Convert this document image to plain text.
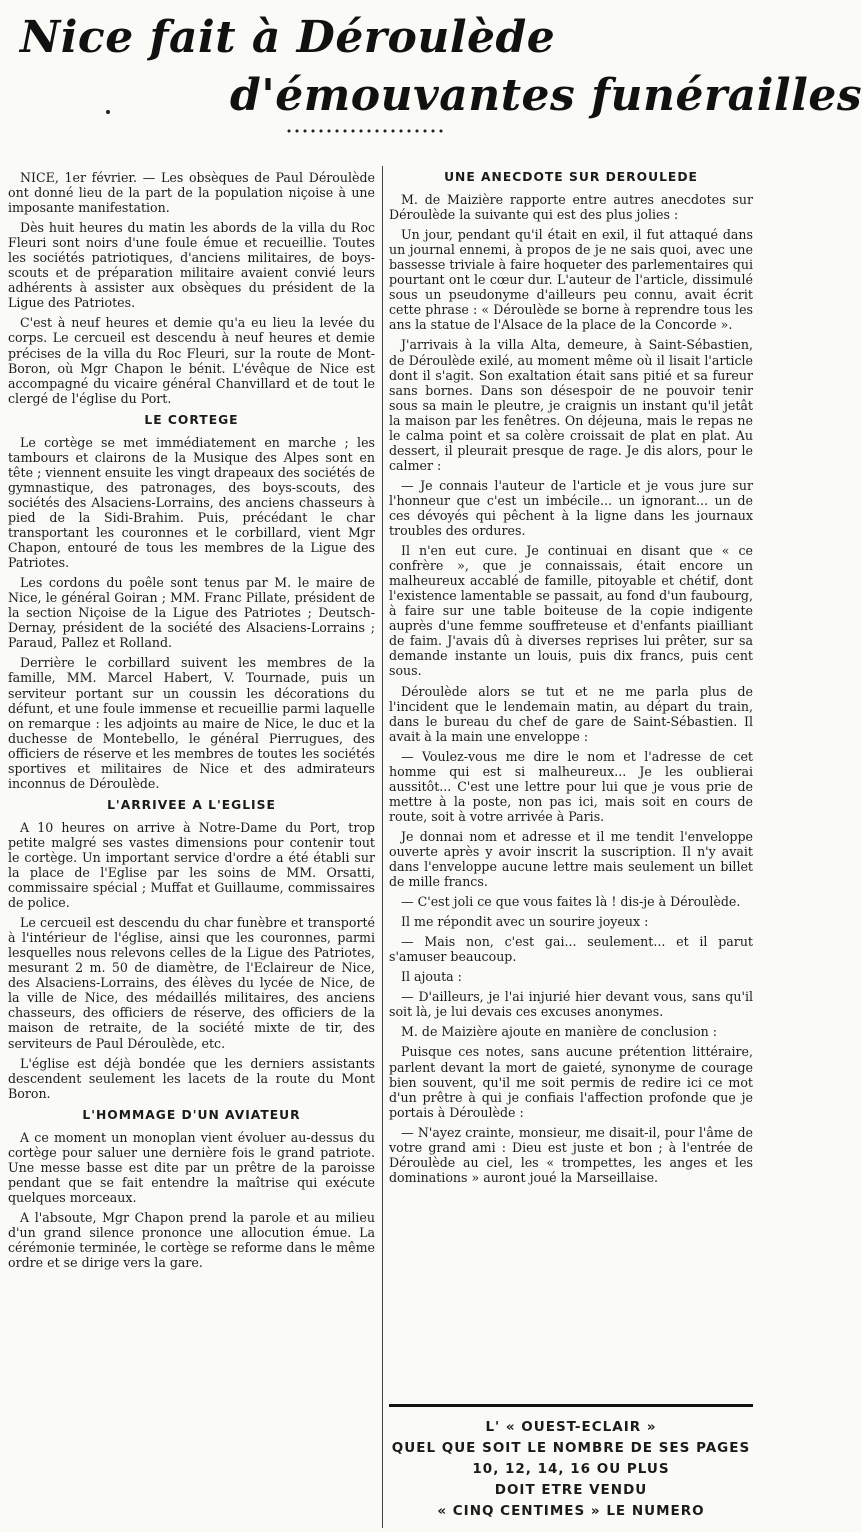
Nice fait à Déroulède
d'émouvantes funérailles

NICE, 1er février. — Les obsèques de Paul Déroulède ont donné lieu de la part de la population niçoise à une imposante manifestation.

Dès huit heures du matin les abords de la villa du Roc Fleuri sont noirs d'une foule émue et recueillie. Toutes les sociétés patriotiques, d'anciens militaires, de boys-scouts et de préparation militaire avaient convié leurs adhérents à assister aux obsèques du président de la Ligue des Patriotes.

C'est à neuf heures et demie qu'a eu lieu la levée du corps. Le cercueil est descendu à neuf heures et demie précises de la villa du Roc Fleuri, sur la route de Mont-Boron, où Mgr Chapon le bénit. L'évêque de Nice est accompagné du vicaire général Chanvillard et de tout le clergé de l'église du Port.

LE CORTEGE

Le cortège se met immédiatement en marche ; les tambours et clairons de la Musique des Alpes sont en tête ; viennent ensuite les vingt drapeaux des sociétés de gymnastique, des patronages, des boys-scouts, des sociétés des Alsaciens-Lorrains, des anciens chasseurs à pied de la Sidi-Brahim. Puis, précédant le char transportant les couronnes et le corbillard, vient Mgr Chapon, entouré de tous les membres de la Ligue des Patriotes.

Les cordons du poêle sont tenus par M. le maire de Nice, le général Goiran ; MM. Franc Pillate, président de la section Niçoise de la Ligue des Patriotes ; Deutsch-Dernay, président de la société des Alsaciens-Lorrains ; Paraud, Pallez et Rolland.

Derrière le corbillard suivent les membres de la famille, MM. Marcel Habert, V. Tournade, puis un serviteur portant sur un coussin les décorations du défunt, et une foule immense et recueillie parmi laquelle on remarque : les adjoints au maire de Nice, le duc et la duchesse de Montebello, le général Pierrugues, des officiers de réserve et les membres de toutes les sociétés sportives et militaires de Nice et des admirateurs inconnus de Déroulède.

L'ARRIVEE A L'EGLISE

A 10 heures on arrive à Notre-Dame du Port, trop petite malgré ses vastes dimensions pour contenir tout le cortège. Un important service d'ordre a été établi sur la place de l'Eglise par les soins de MM. Orsatti, commissaire spécial ; Muffat et Guillaume, commissaires de police.

Le cercueil est descendu du char funèbre et transporté à l'intérieur de l'église, ainsi que les couronnes, parmi lesquelles nous relevons celles de la Ligue des Patriotes, mesurant 2 m. 50 de diamètre, de l'Eclaireur de Nice, des Alsaciens-Lorrains, des élèves du lycée de Nice, de la ville de Nice, des médaillés militaires, des anciens chasseurs, des officiers de réserve, des officiers de la maison de retraite, de la société mixte de tir, des serviteurs de Paul Déroulède, etc.

L'église est déjà bondée que les derniers assistants descendent seulement les lacets de la route du Mont Boron.

L'HOMMAGE D'UN AVIATEUR

A ce moment un monoplan vient évoluer au-dessus du cortège pour saluer une dernière fois le grand patriote. Une messe basse est dite par un prêtre de la paroisse pendant que se fait entendre la maîtrise qui exécute quelques morceaux.

A l'absoute, Mgr Chapon prend la parole et au milieu d'un grand silence prononce une allocution émue. La cérémonie terminée, le cortège se reforme dans le même ordre et se dirige vers la gare.

UNE ANECDOTE SUR DEROULEDE

M. de Maizière rapporte entre autres anecdotes sur Déroulède la suivante qui est des plus jolies :

Un jour, pendant qu'il était en exil, il fut attaqué dans un journal ennemi, à propos de je ne sais quoi, avec une bassesse triviale à faire hoqueter des parlementaires qui pourtant ont le cœur dur. L'auteur de l'article, dissimulé sous un pseudonyme d'ailleurs peu connu, avait écrit cette phrase : « Déroulède se borne à reprendre tous les ans la statue de l'Alsace de la place de la Concorde ».

J'arrivais à la villa Alta, demeure, à Saint-Sébastien, de Déroulède exilé, au moment même où il lisait l'article dont il s'agit. Son exaltation était sans pitié et sa fureur sans bornes. Dans son désespoir de ne pouvoir tenir sous sa main le pleutre, je craignis un instant qu'il jetât la maison par les fenêtres. On déjeuna, mais le repas ne le calma point et sa colère croissait de plat en plat. Au dessert, il pleurait presque de rage. Je dis alors, pour le calmer :

— Je connais l'auteur de l'article et je vous jure sur l'honneur que c'est un imbécile... un ignorant... un de ces dévoyés qui pêchent à la ligne dans les journaux troubles des ordures.

Il n'en eut cure. Je continuai en disant que « ce confrère », que je connaissais, était encore un malheureux accablé de famille, pitoyable et chétif, dont l'existence lamentable se passait, au fond d'un faubourg, à faire sur une table boiteuse de la copie indigente auprès d'une femme souffreteuse et d'enfants piailliant de faim. J'avais dû à diverses reprises lui prêter, sur sa demande instante un louis, puis dix francs, puis cent sous.

Déroulède alors se tut et ne me parla plus de l'incident que le lendemain matin, au départ du train, dans le bureau du chef de gare de Saint-Sébastien. Il avait à la main une enveloppe :

— Voulez-vous me dire le nom et l'adresse de cet homme qui est si malheureux... Je les oublierai aussitôt... C'est une lettre pour lui que je vous prie de mettre à la poste, non pas ici, mais soit en cours de route, soit à votre arrivée à Paris.

Je donnai nom et adresse et il me tendit l'enveloppe ouverte après y avoir inscrit la suscription. Il n'y avait dans l'enveloppe aucune lettre mais seulement un billet de mille francs.

— C'est joli ce que vous faites là ! dis-je à Déroulède.

Il me répondit avec un sourire joyeux :

— Mais non, c'est gai... seulement... et il parut s'amuser beaucoup.

Il ajouta :

— D'ailleurs, je l'ai injurié hier devant vous, sans qu'il soit là, je lui devais ces excuses anonymes.

M. de Maizière ajoute en manière de conclusion :

Puisque ces notes, sans aucune prétention littéraire, parlent devant la mort de gaieté, synonyme de courage bien souvent, qu'il me soit permis de redire ici ce mot d'un prêtre à qui je confiais l'affection profonde que je portais à Déroulède :

— N'ayez crainte, monsieur, me disait-il, pour l'âme de votre grand ami : Dieu est juste et bon ; à l'entrée de Déroulède au ciel, les « trompettes, les anges et les dominations » auront joué la Marseillaise.

L' « OUEST-ECLAIR »
QUEL QUE SOIT LE NOMBRE DE SES PAGES
10, 12, 14, 16 OU PLUS
DOIT ETRE VENDU
« CINQ CENTIMES » LE NUMERO
